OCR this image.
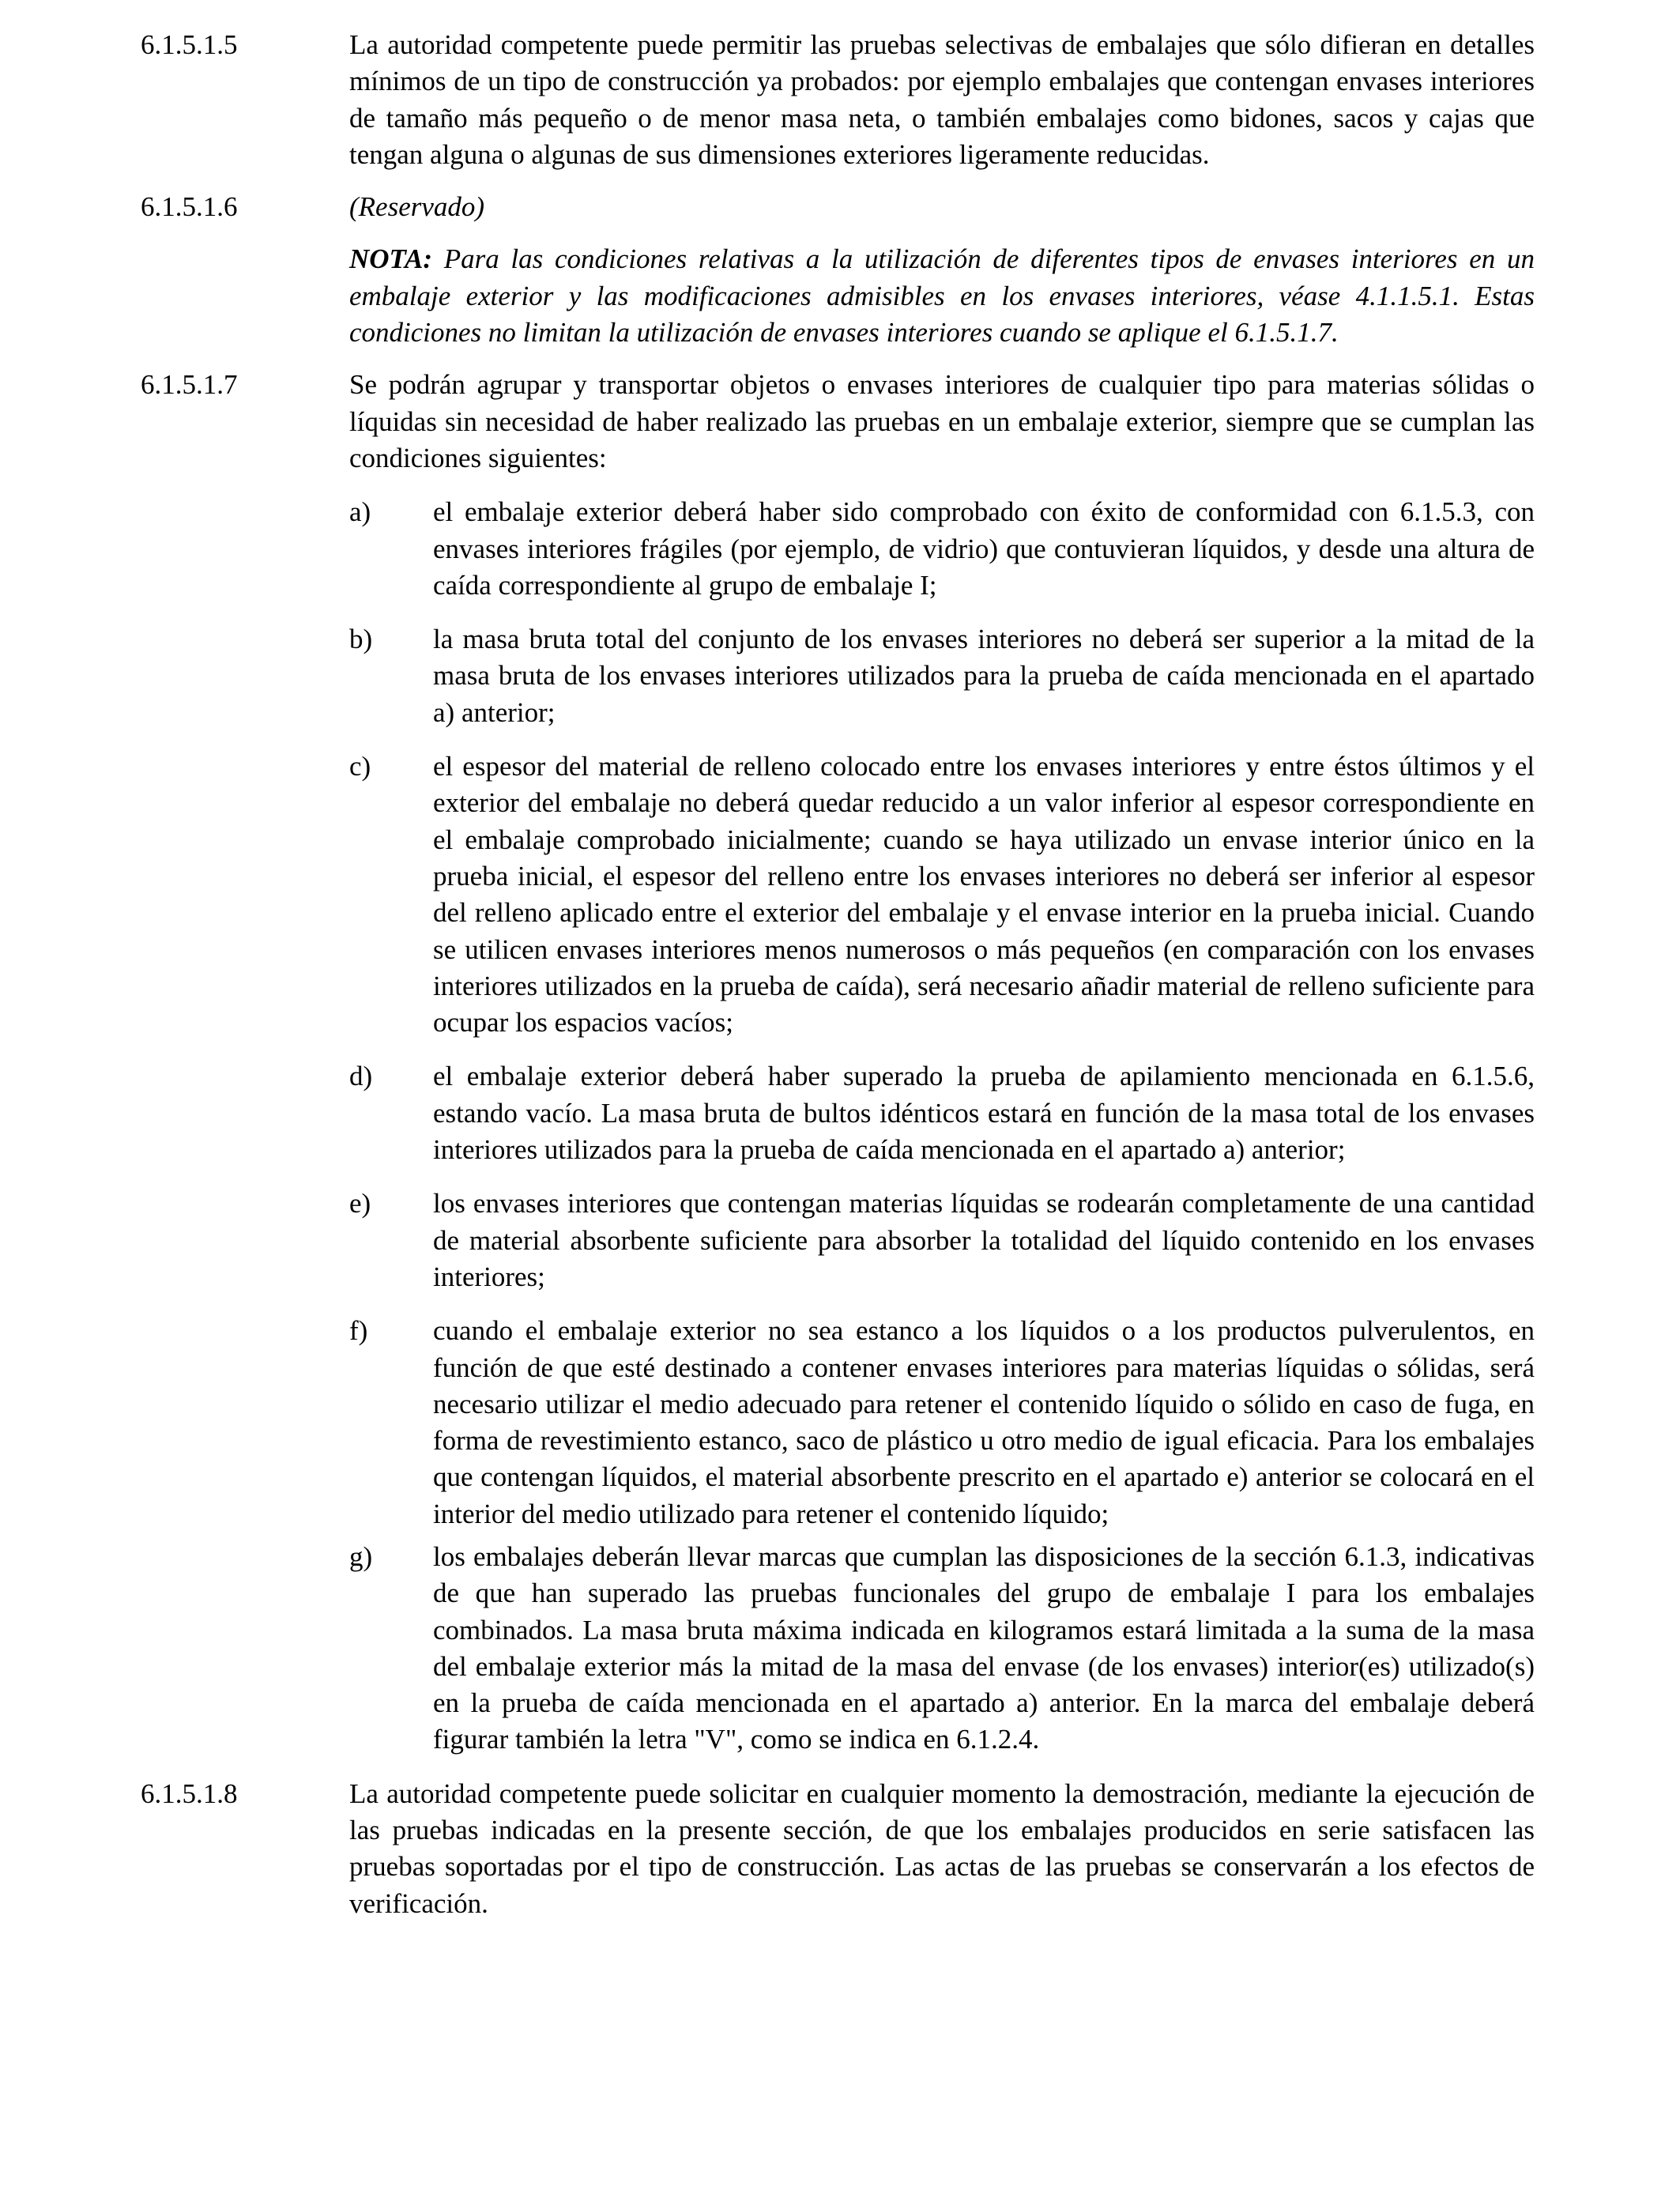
6.1.5.1.5	La autoridad competente puede permitir las pruebas selectivas de embalajes que sólo difieran en detalles mínimos de un tipo de construcción ya probados: por ejemplo embalajes que contengan envases interiores de tamaño más pequeño o de menor masa neta, o también embalajes como bidones, sacos y cajas que tengan alguna o algunas de sus dimensiones exteriores ligeramente reducidas.

6.1.5.1.6	(Reservado)

NOTA: Para las condiciones relativas a la utilización de diferentes tipos de envases interiores en un embalaje exterior y las modificaciones admisibles en los envases interiores, véase 4.1.1.5.1. Estas condiciones no limitan la utilización de envases interiores cuando se aplique el 6.1.5.1.7.
6.1.5.1.7	Se podrán agrupar y transportar objetos o envases interiores de cualquier tipo para materias sólidas o líquidas sin necesidad de haber realizado las pruebas en un embalaje exterior, siempre que se cumplan las condiciones siguientes:

a) el embalaje exterior deberá haber sido comprobado con éxito de conformidad con 6.1.5.3, con envases interiores frágiles (por ejemplo, de vidrio) que contuvieran líquidos, y desde una altura de caída correspondiente al grupo de embalaje I;
b) la masa bruta total del conjunto de los envases interiores no deberá ser superior a la mitad de la masa bruta de los envases interiores utilizados para la prueba de caída mencionada en el apartado a) anterior;
c) el espesor del material de relleno colocado entre los envases interiores y entre éstos últimos y el exterior del embalaje no deberá quedar reducido a un valor inferior al espesor correspondiente en el embalaje comprobado inicialmente; cuando se haya utilizado un envase interior único en la prueba inicial, el espesor del relleno entre los envases interiores no deberá ser inferior al espesor del relleno aplicado entre el exterior del embalaje y el envase interior en la prueba inicial. Cuando se utilicen envases interiores menos numerosos o más pequeños (en comparación con los envases interiores utilizados en la prueba de caída), será necesario añadir material de relleno suficiente para ocupar los espacios vacíos;
d) el embalaje exterior deberá haber superado la prueba de apilamiento mencionada en 6.1.5.6, estando vacío. La masa bruta de bultos idénticos estará en función de la masa total de los envases interiores utilizados para la prueba de caída mencionada en el apartado a) anterior;
e) los envases interiores que contengan materias líquidas se rodearán completamente de una cantidad de material absorbente suficiente para absorber la totalidad del líquido contenido en los envases interiores;
f) cuando el embalaje exterior no sea estanco a los líquidos o a los productos pulverulentos, en función de que esté destinado a contener envases interiores para materias líquidas o sólidas, será necesario utilizar el medio adecuado para retener el contenido líquido o sólido en caso de fuga, en forma de revestimiento estanco, saco de plástico u otro medio de igual eficacia. Para los embalajes que contengan líquidos, el material absorbente prescrito en el apartado e) anterior se colocará en el interior del medio utilizado para retener el contenido líquido;
g) los embalajes deberán llevar marcas que cumplan las disposiciones de la sección 6.1.3, indicativas de que han superado las pruebas funcionales del grupo de embalaje I para los embalajes combinados. La masa bruta máxima indicada en kilogramos estará limitada a la suma de la masa del embalaje exterior más la mitad de la masa del envase (de los envases) interior(es) utilizado(s) en la prueba de caída mencionada en el apartado a) anterior. En la marca del embalaje deberá figurar también la letra "V", como se indica en 6.1.2.4.
6.1.5.1.8	La autoridad competente puede solicitar en cualquier momento la demostración, mediante la ejecución de las pruebas indicadas en la presente sección, de que los embalajes producidos en serie satisfacen las pruebas soportadas por el tipo de construcción. Las actas de las pruebas se conservarán a los efectos de verificación.
